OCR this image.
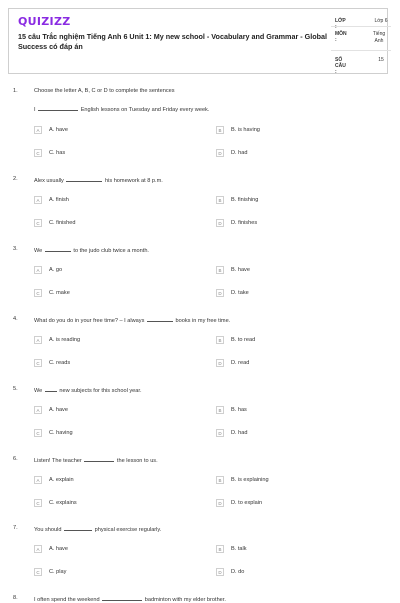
QUIZIZZ
15 câu Trắc nghiệm Tiếng Anh 6 Unit 1: My new school - Vocabulary and Grammar - Global Success có đáp án
LỚP :
Lớp 6
MÔN :
Tiếng Anh
SỐ CÂU :
15
1.	Choose the letter A, B, C or D to complete the sentences
I	English lessons on Tuesday and Friday every week.
A	A. have	B	B. is having
C	C. has	D	D. had
2.	Alex usually	his homework at 8 p.m.
A	A. finish	B	B. finishing
C	C. finished	D	D. finishes
3.	We	to the judo club twice a month.
A	A. go	B	B. have
C	C. make	D	D. take
4.	What do you do in your free time? – I always	books in my free time.
A	A. is reading	B	B. to read
C	C. reads	D	D. read
5.	We	new subjects for this school year.
A	A. have	B	B. has
C	C. having	D	D. had
6.	Listen! The teacher	the lesson to us.
A	A. explain	B	B. is explaining
C	C. explains	D	D. to explain
7.	You should	physical exercise regularly.
A	A. have	B	B. talk
C	C. play	D	D. do
8.	I often spend the weekend	badminton with my elder brother.
